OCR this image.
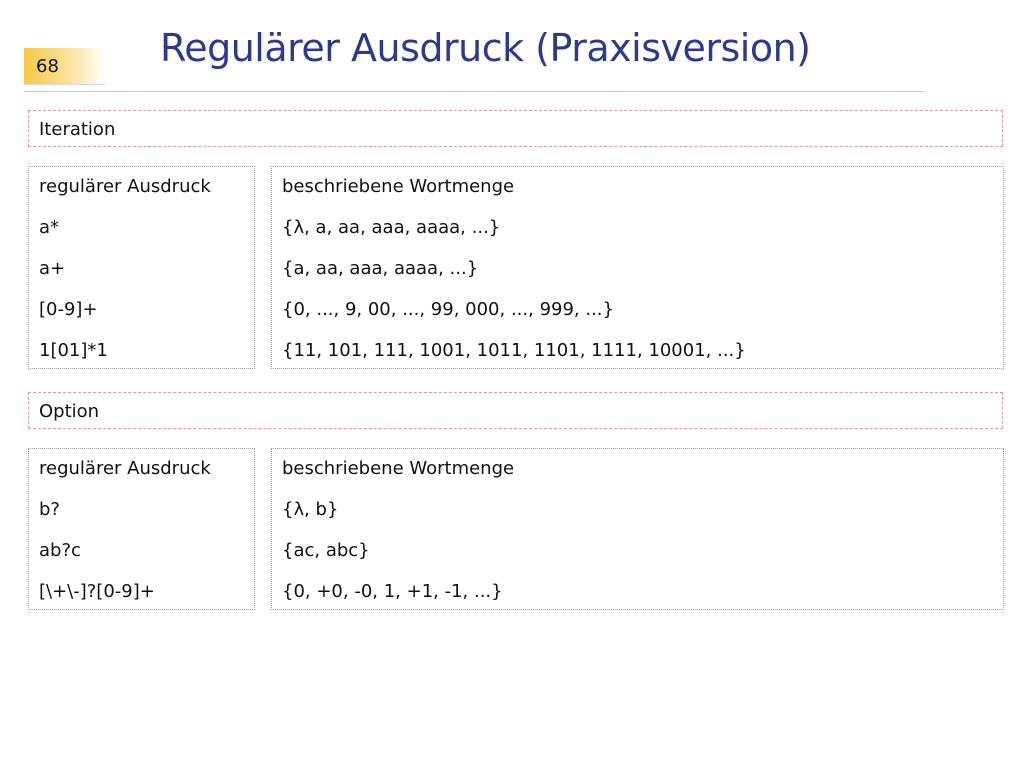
68	Regulärer Ausdruck (Praxisversion)
Iteration
regulärer Ausdruck
a*
a+
[0-9]+
1[01]*1
beschriebene Wortmenge
{λ, a, aa, aaa, aaaa, ...}
{a, aa, aaa, aaaa, ...}
{0, ..., 9, 00, ..., 99, 000, ..., 999, ...}
{11, 101, 111, 1001, 1011, 1101, 1111, 10001, ...}
Option
regulärer Ausdruck
b?
ab?c
[\+\-]?[0-9]+
beschriebene Wortmenge
{λ, b}
{ac, abc}
{0, +0, -0, 1, +1, -1, ...}
